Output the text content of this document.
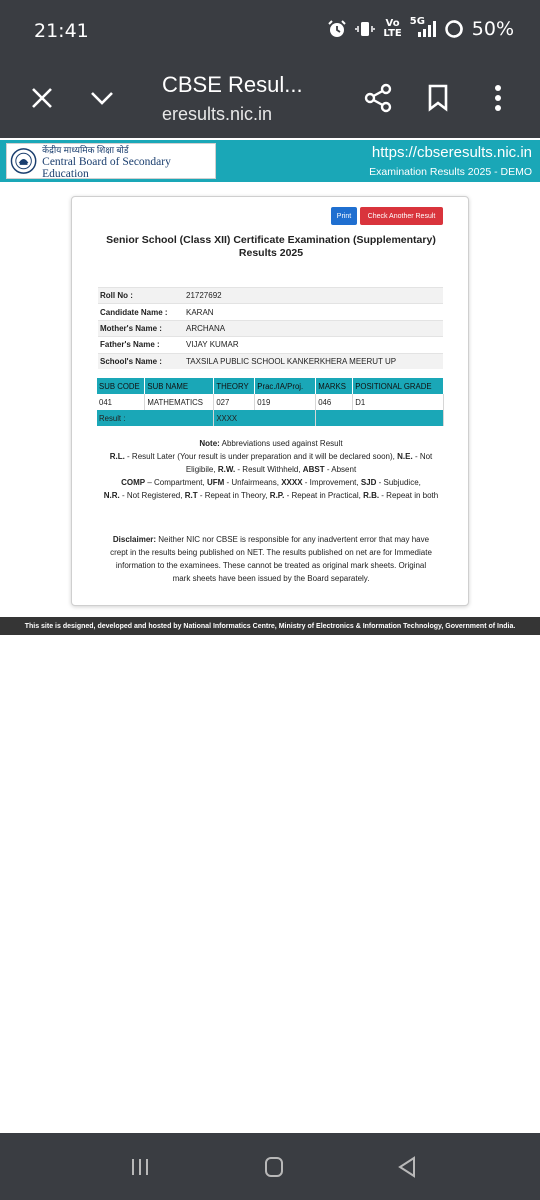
21:41	Vo
LTE
5G 50%
CBSE Resul...
eresults.nic.in
केंद्रीय माध्यमिक शिक्षा बोर्ड
Central Board of Secondary Education
https://cbseresults.nic.in
Examination Results 2025 - DEMO
Print	Check Another Result
Senior School (Class XII) Certificate Examination (Supplementary) Results 2025
Roll No :	21727692
Candidate Name :	KARAN
Mother's Name :	ARCHANA
Father's Name :	VIJAY KUMAR
School's Name :	TAXSILA PUBLIC SCHOOL KANKERKHERA MEERUT UP
SUB CODE	SUB NAME	THEORY	Prac./IA/Proj.	MARKS	POSITIONAL GRADE
041	MATHEMATICS	027	019	046	D1
Result :		XXXX			
Note: Abbreviations used against Result
R.L. - Result Later (Your result is under preparation and it will be declared soon), N.E. - Not Eligibile, R.W. - Result Withheld, ABST - Absent
COMP – Compartment, UFM - Unfairmeans, XXXX - Improvement, SJD - Subjudice,
N.R. - Not Registered, R.T - Repeat in Theory, R.P. - Repeat in Practical, R.B. - Repeat in both
Disclaimer: Neither NIC nor CBSE is responsible for any inadvertent error that may have crept in the results being published on NET. The results published on net are for Immediate information to the examinees. These cannot be treated as original mark sheets. Original mark sheets have been issued by the Board separately.
This site is designed, developed and hosted by National Informatics Centre, Ministry of Electronics & Information Technology, Government of India.
